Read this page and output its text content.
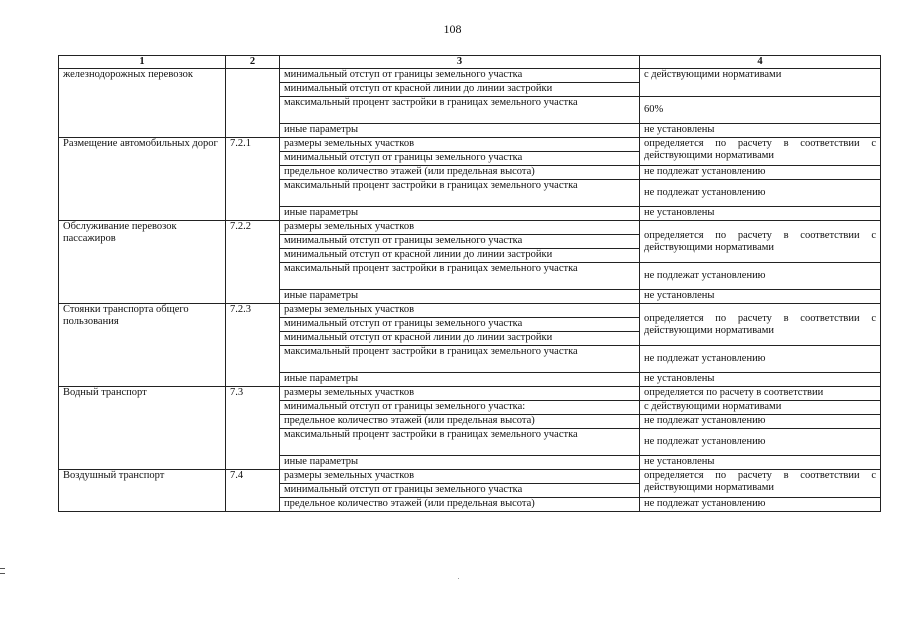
108
1	2	3	4
железнодорожных перевозок		минимальный отступ от границы земельного участка	с действующими нормативами
		минимальный отступ от красной линии до линии застройки	
		максимальный процент застройки в границах земельного участка	60%
		иные параметры	не установлены
Размещение автомобильных дорог	7.2.1	размеры земельных участков	определяется по расчету в соответствии с действующими нормативами
		минимальный отступ от границы земельного участка	
		предельное количество этажей (или предельная высота)	не подлежат установлению
		максимальный процент застройки в границах земельного участка	не подлежат установлению
		иные параметры	не установлены
Обслуживание перевозок пассажиров	7.2.2	размеры земельных участков	определяется по расчету в соответствии с действующими нормативами
		минимальный отступ от границы земельного участка	
		минимальный отступ от красной линии до линии застройки	
		максимальный процент застройки в границах земельного участка	не подлежат установлению
		иные параметры	не установлены
Стоянки транспорта общего пользования	7.2.3	размеры земельных участков	определяется по расчету в соответствии с действующими нормативами
		минимальный отступ от границы земельного участка	
		минимальный отступ от красной линии до линии застройки	
		максимальный процент застройки в границах земельного участка	не подлежат установлению
		иные параметры	не установлены
Водный транспорт	7.3	размеры земельных участков	определяется по расчету в соответствии
		минимальный отступ от границы земельного участка:	с действующими нормативами
		предельное количество этажей (или предельная высота)	не подлежат установлению
		максимальный процент застройки в границах земельного участка	не подлежат установлению
		иные параметры	не установлены
Воздушный транспорт	7.4	размеры земельных участков	определяется по расчету в соответствии с действующими нормативами
		минимальный отступ от границы земельного участка	
		предельное количество этажей (или предельная высота)	не подлежат установлению
